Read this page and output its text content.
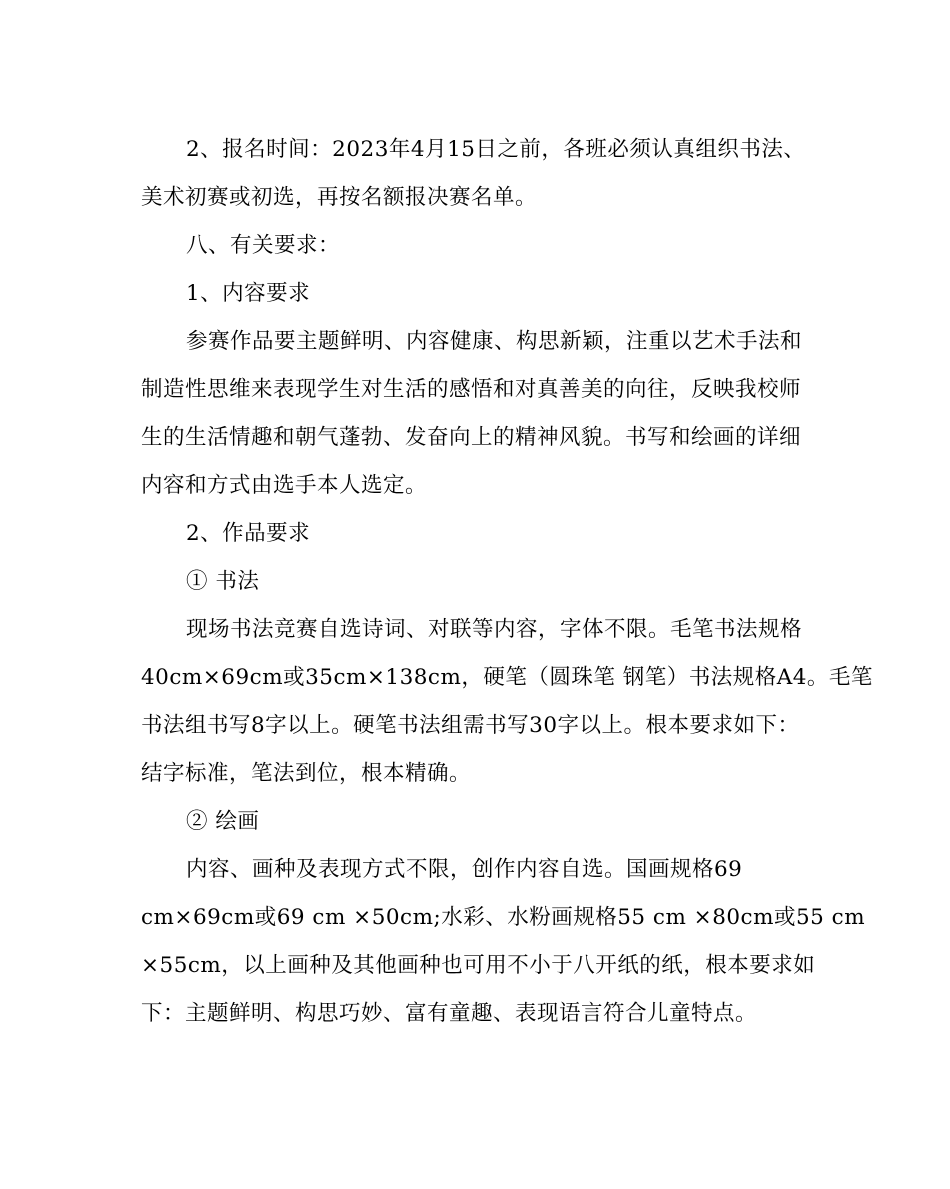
2、报名时间：2023年4月15日之前，各班必须认真组织书法、
美术初赛或初选，再按名额报决赛名单。
八、有关要求：
1、内容要求
参赛作品要主题鲜明、内容健康、构思新颖，注重以艺术手法和
制造性思维来表现学生对生活的感悟和对真善美的向往，反映我校师
生的生活情趣和朝气蓬勃、发奋向上的精神风貌。书写和绘画的详细
内容和方式由选手本人选定。
2、作品要求
① 书法
现场书法竞赛自选诗词、对联等内容，字体不限。毛笔书法规格
40cm×69cm或35cm×138cm，硬笔（圆珠笔 钢笔）书法规格A4。毛笔
书法组书写8字以上。硬笔书法组需书写30字以上。根本要求如下：
结字标准，笔法到位，根本精确。
② 绘画
内容、画种及表现方式不限，创作内容自选。国画规格69
cm×69cm或69 cm ×50cm;水彩、水粉画规格55 cm ×80cm或55 cm
×55cm，以上画种及其他画种也可用不小于八开纸的纸，根本要求如
下：主题鲜明、构思巧妙、富有童趣、表现语言符合儿童特点。
